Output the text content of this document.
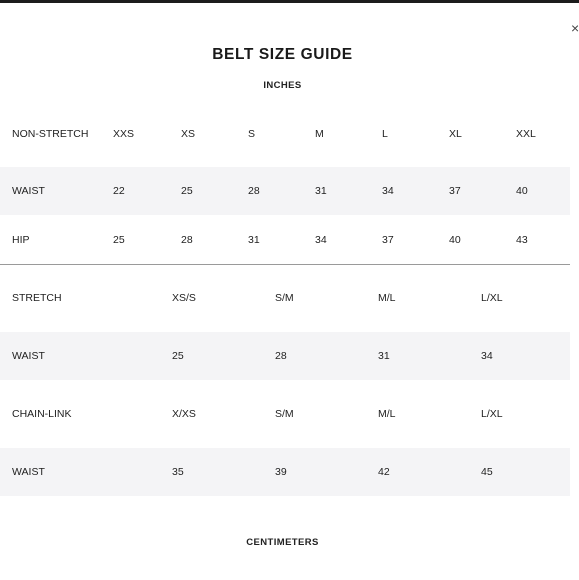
×
BELT SIZE GUIDE
INCHES
NON-STRETCH XXS	XS	S	M	L	XL	XXL
WAIST	22	25	28	31	34	37	40
HIP	25	28	31	34	37	40	43
STRETCH	XS/S	S/M	M/L	L/XL
WAIST	25	28	31	34
CHAIN-LINK	X/XS	S/M	M/L	L/XL
WAIST	35	39	42	45
CENTIMETERS
